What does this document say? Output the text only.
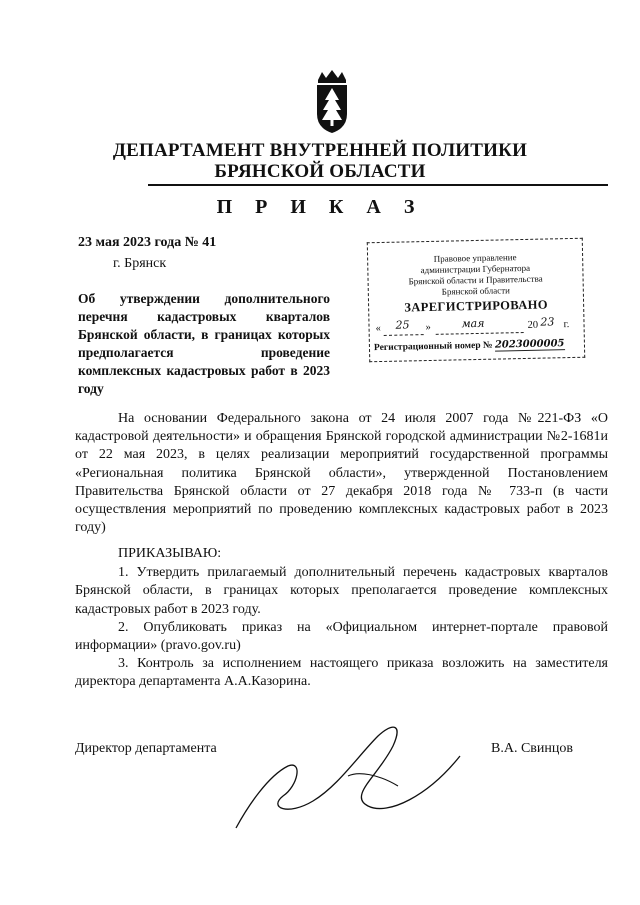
ДЕПАРТАМЕНТ ВНУТРЕННЕЙ ПОЛИТИКИ
БРЯНСКОЙ ОБЛАСТИ
П Р И К А З
23 мая 2023 года № 41
г. Брянск
Об утверждении дополнительного перечня кадастровых кварталов Брянской области, в границах которых предполагается проведение комплексных кадастровых работ в 2023 году
Правовое управление
администрации Губернатора
Брянской области и Правительства
Брянской области
ЗАРЕГИСТРИРОВАНО
« 25 »	мая	20 23 г.
Регистрационный номер № 2023000005

На основании Федерального закона от 24 июля 2007 года №221-ФЗ «О кадастровой деятельности» и обращения Брянской городской администрации №2-1681и от 22 мая 2023, в целях реализации мероприятий государственной программы «Региональная политика Брянской области», утвержденной Постановлением Правительства Брянской области от 27 декабря 2018 года № 733-п (в части осуществления мероприятий по проведению комплексных кадастровых работ в 2023 году)

ПРИКАЗЫВАЮ:

1. Утвердить прилагаемый дополнительный перечень кадастровых кварталов Брянской области, в границах которых преполагается проведение комплексных кадастровых работ в 2023 году.

2. Опубликовать приказ на «Официальном интернет-портале правовой информации» (pravo.gov.ru)

3. Контроль за исполнением настоящего приказа возложить на заместителя директора департамента А.А.Казорина.

Директор департамента	В.А. Свинцов
